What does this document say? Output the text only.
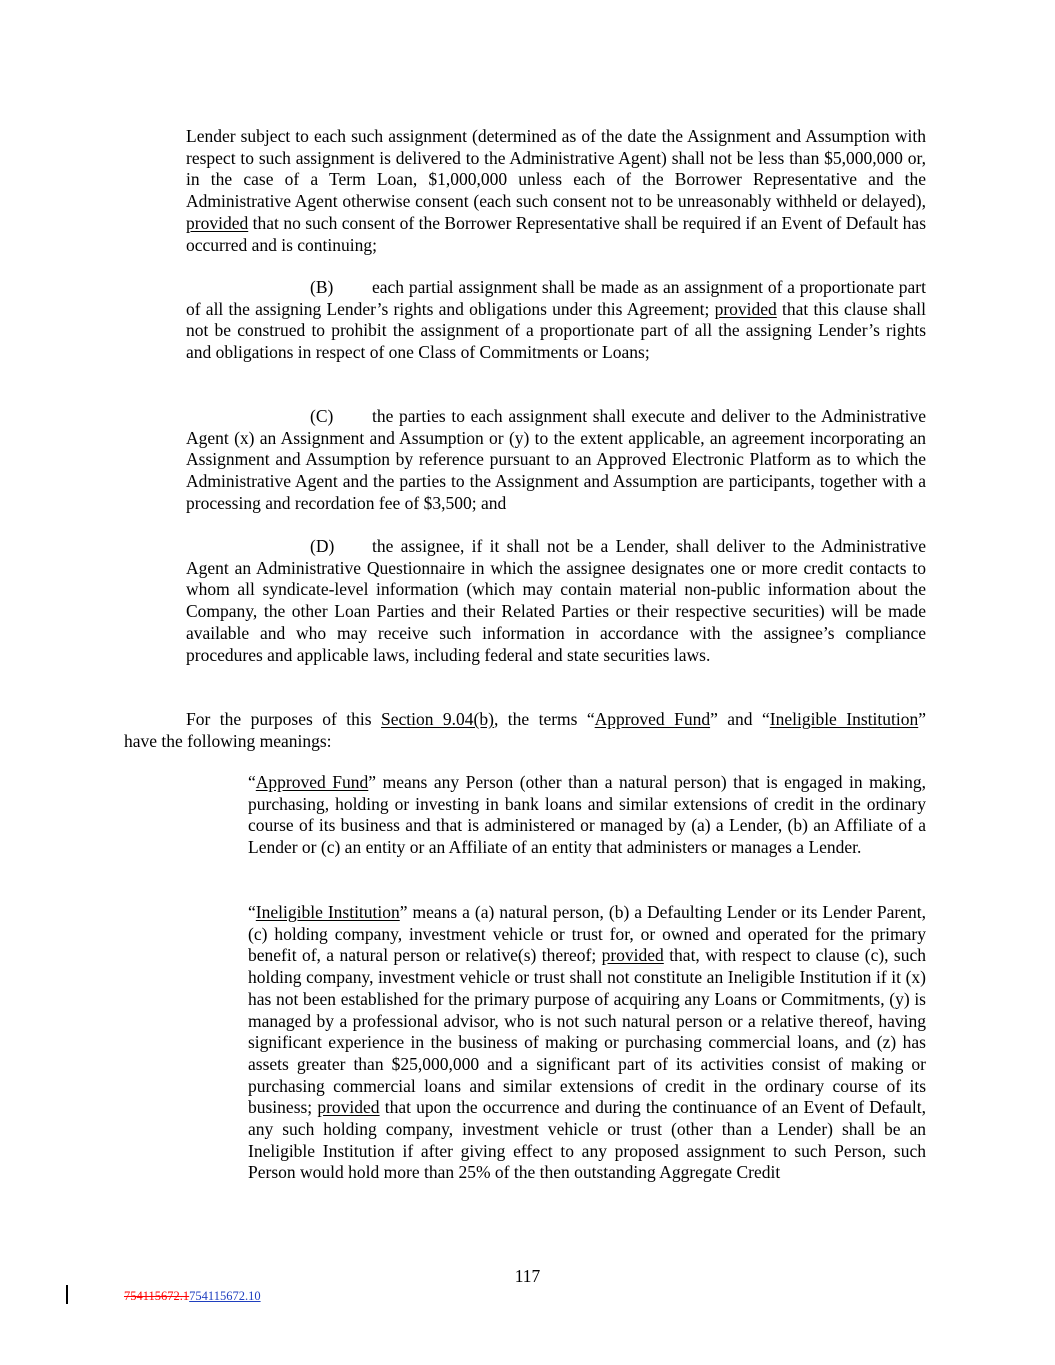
Lender subject to each such assignment (determined as of the date the Assignment and Assumption with respect to such assignment is delivered to the Administrative Agent) shall not be less than $5,000,000 or, in the case of a Term Loan, $1,000,000 unless each of the Borrower Representative and the Administrative Agent otherwise consent (each such consent not to be unreasonably withheld or delayed), provided that no such consent of the Borrower Representative shall be required if an Event of Default has occurred and is continuing;

(B) each partial assignment shall be made as an assignment of a proportionate part of all the assigning Lender’s rights and obligations under this Agreement; provided that this clause shall not be construed to prohibit the assignment of a proportionate part of all the assigning Lender’s rights and obligations in respect of one Class of Commitments or Loans;

(C) the parties to each assignment shall execute and deliver to the Administrative Agent (x) an Assignment and Assumption or (y) to the extent applicable, an agreement incorporating an Assignment and Assumption by reference pursuant to an Approved Electronic Platform as to which the Administrative Agent and the parties to the Assignment and Assumption are participants, together with a processing and recordation fee of $3,500; and

(D) the assignee, if it shall not be a Lender, shall deliver to the Administrative Agent an Administrative Questionnaire in which the assignee designates one or more credit contacts to whom all syndicate-level information (which may contain material non-public information about the Company, the other Loan Parties and their Related Parties or their respective securities) will be made available and who may receive such information in accordance with the assignee’s compliance procedures and applicable laws, including federal and state securities laws.

For the purposes of this Section 9.04(b), the terms “Approved Fund” and “Ineligible Institution”
have the following meanings:

“Approved Fund” means any Person (other than a natural person) that is engaged in making, purchasing, holding or investing in bank loans and similar extensions of credit in the ordinary course of its business and that is administered or managed by (a) a Lender, (b) an Affiliate of a Lender or (c) an entity or an Affiliate of an entity that administers or manages a Lender.

“Ineligible Institution” means a (a) natural person, (b) a Defaulting Lender or its Lender Parent, (c) holding company, investment vehicle or trust for, or owned and operated for the primary benefit of, a natural person or relative(s) thereof; provided that, with respect to clause (c), such holding company, investment vehicle or trust shall not constitute an Ineligible Institution if it (x) has not been established for the primary purpose of acquiring any Loans or Commitments, (y) is managed by a professional advisor, who is not such natural person or a relative thereof, having significant experience in the business of making or purchasing commercial loans, and (z) has assets greater than $25,000,000 and a significant part of its activities consist of making or purchasing commercial loans and similar extensions of credit in the ordinary course of its business; provided that upon the occurrence and during the continuance of an Event of Default, any such holding company, investment vehicle or trust (other than a Lender) shall be an Ineligible Institution if after giving effect to any proposed assignment to such Person, such Person would hold more than 25% of the then outstanding Aggregate Credit

117
754115672.1754115672.10
